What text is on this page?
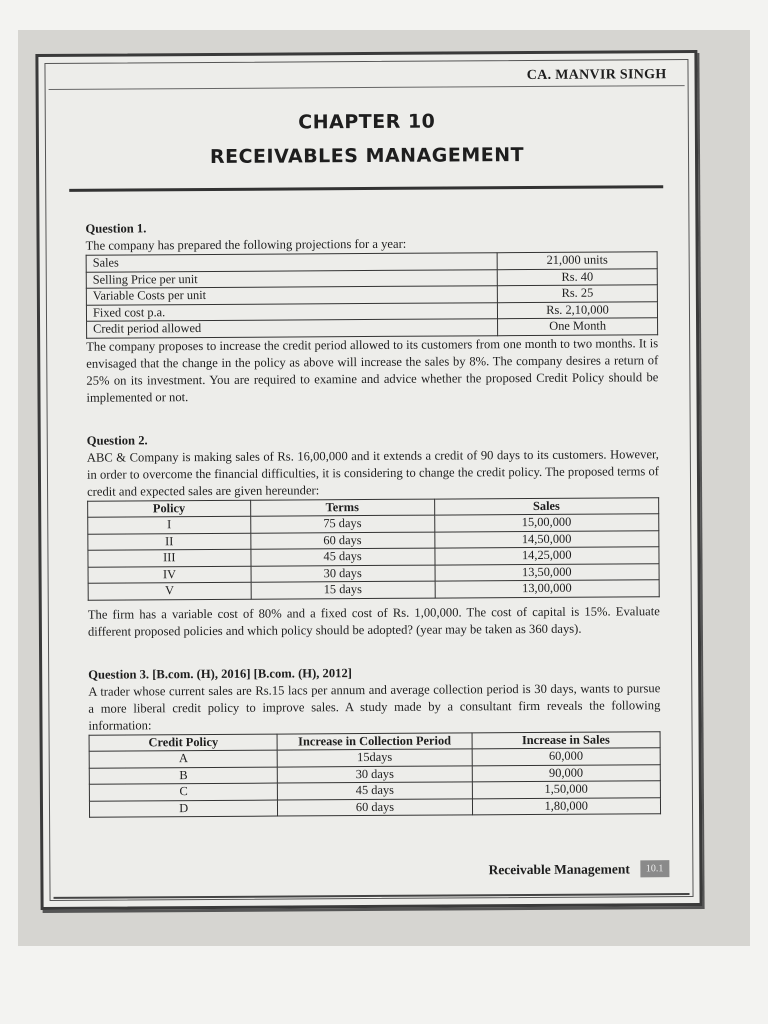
CA. MANVIR SINGH
CHAPTER 10
RECEIVABLES MANAGEMENT

Question 1.

The company has prepared the following projections for a year:

Sales	21,000 units
Selling Price per unit	Rs. 40
Variable Costs per unit	Rs. 25
Fixed cost p.a.	Rs. 2,10,000
Credit period allowed	One Month

The company proposes to increase the credit period allowed to its customers from one month to two months. It is envisaged that the change in the policy as above will increase the sales by 8%. The company desires a return of 25% on its investment. You are required to examine and advice whether the proposed Credit Policy should be implemented or not.

Question 2.

ABC & Company is making sales of Rs. 16,00,000 and it extends a credit of 90 days to its customers. However, in order to overcome the financial difficulties, it is considering to change the credit policy. The proposed terms of credit and expected sales are given hereunder:

Policy	Terms	Sales
I	75 days	15,00,000
II	60 days	14,50,000
III	45 days	14,25,000
IV	30 days	13,50,000
V	15 days	13,00,000

The firm has a variable cost of 80% and a fixed cost of Rs. 1,00,000. The cost of capital is 15%. Evaluate different proposed policies and which policy should be adopted? (year may be taken as 360 days).

Question 3. [B.com. (H), 2016] [B.com. (H), 2012]

A trader whose current sales are Rs.15 lacs per annum and average collection period is 30 days, wants to pursue a more liberal credit policy to improve sales. A study made by a consultant firm reveals the following information:

Credit Policy	Increase in Collection Period	Increase in Sales
A	15days	60,000
B	30 days	90,000
C	45 days	1,50,000
D	60 days	1,80,000
Receivable Management	10.1
